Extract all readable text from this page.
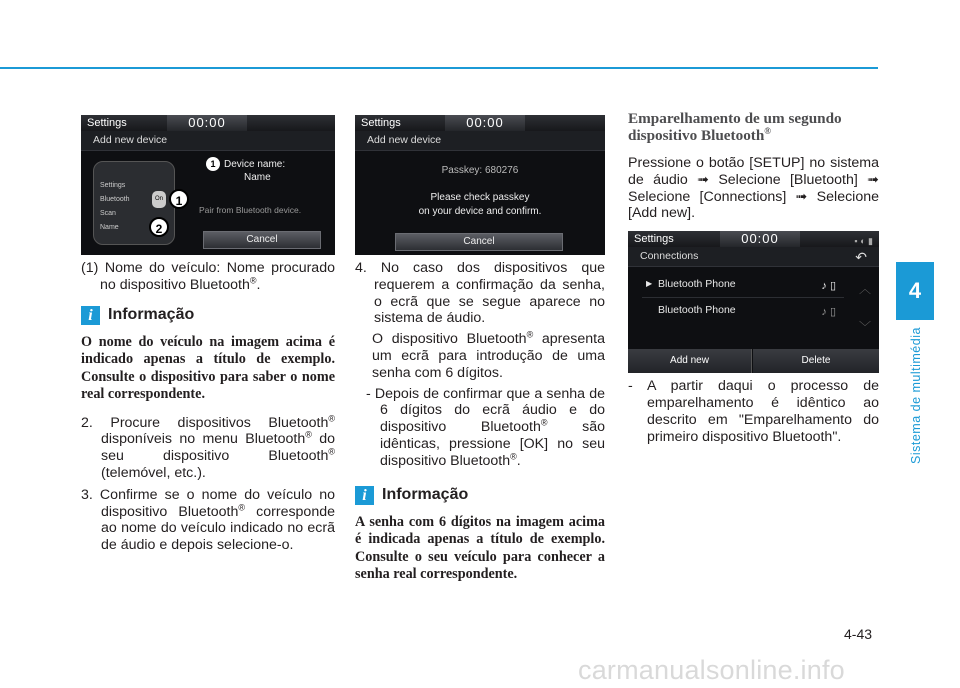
4
Sistema de multimédia
4-43
carmanualsonline.info
Settings	00:00
Add new device
Settings
Bluetooth	On
Scan
Name
1
2
1 Device name:
Name
Pair from Bluetooth device.
Cancel

(1) Nome do veículo: Nome procurado no dispositivo Bluetooth®.

i Informação

O nome do veículo na imagem acima é indicado apenas a título de exemplo. Consulte o dispositivo para saber o nome real correspondente.

2. Procure dispositivos Bluetooth® disponíveis no menu Bluetooth® do seu dispositivo Bluetooth® (telemóvel, etc.).

3. Confirme se o nome do veículo no dispositivo Bluetooth® corresponde ao nome do veículo indicado no ecrã de áudio e depois selecione-o.

Settings	00:00
Add new device
Passkey: 680276
Please check passkey
on your device and confirm.
Cancel

4. No caso dos dispositivos que requerem a confirmação da senha, o ecrã que se segue aparece no sistema de áudio.

O dispositivo Bluetooth® apresenta um ecrã para introdução de uma senha com 6 dígitos.

- Depois de confirmar que a senha de 6 dígitos do ecrã áudio e do dispositivo Bluetooth® são idênticas, pressione [OK] no seu dispositivo Bluetooth®.

i Informação

A senha com 6 dígitos na imagem acima é indicada apenas a título de exemplo. Consulte o seu veículo para conhecer a senha real correspondente.

Emparelhamento de um segundo dispositivo Bluetooth®

Pressione o botão [SETUP] no sistema de áudio ➟ Selecione [Bluetooth] ➟ Selecione [Connections] ➟ Selecione [Add new].

Settings	00:00	▪ ◐ ▮
Connections	↶
▶ Bluetooth Phone	♪ ▯
Bluetooth Phone	♪ ▯
︿
﹀
Add new	Delete

- A partir daqui o processo de emparelhamento é idêntico ao descrito em "Emparelhamento do primeiro dispositivo Bluetooth".
